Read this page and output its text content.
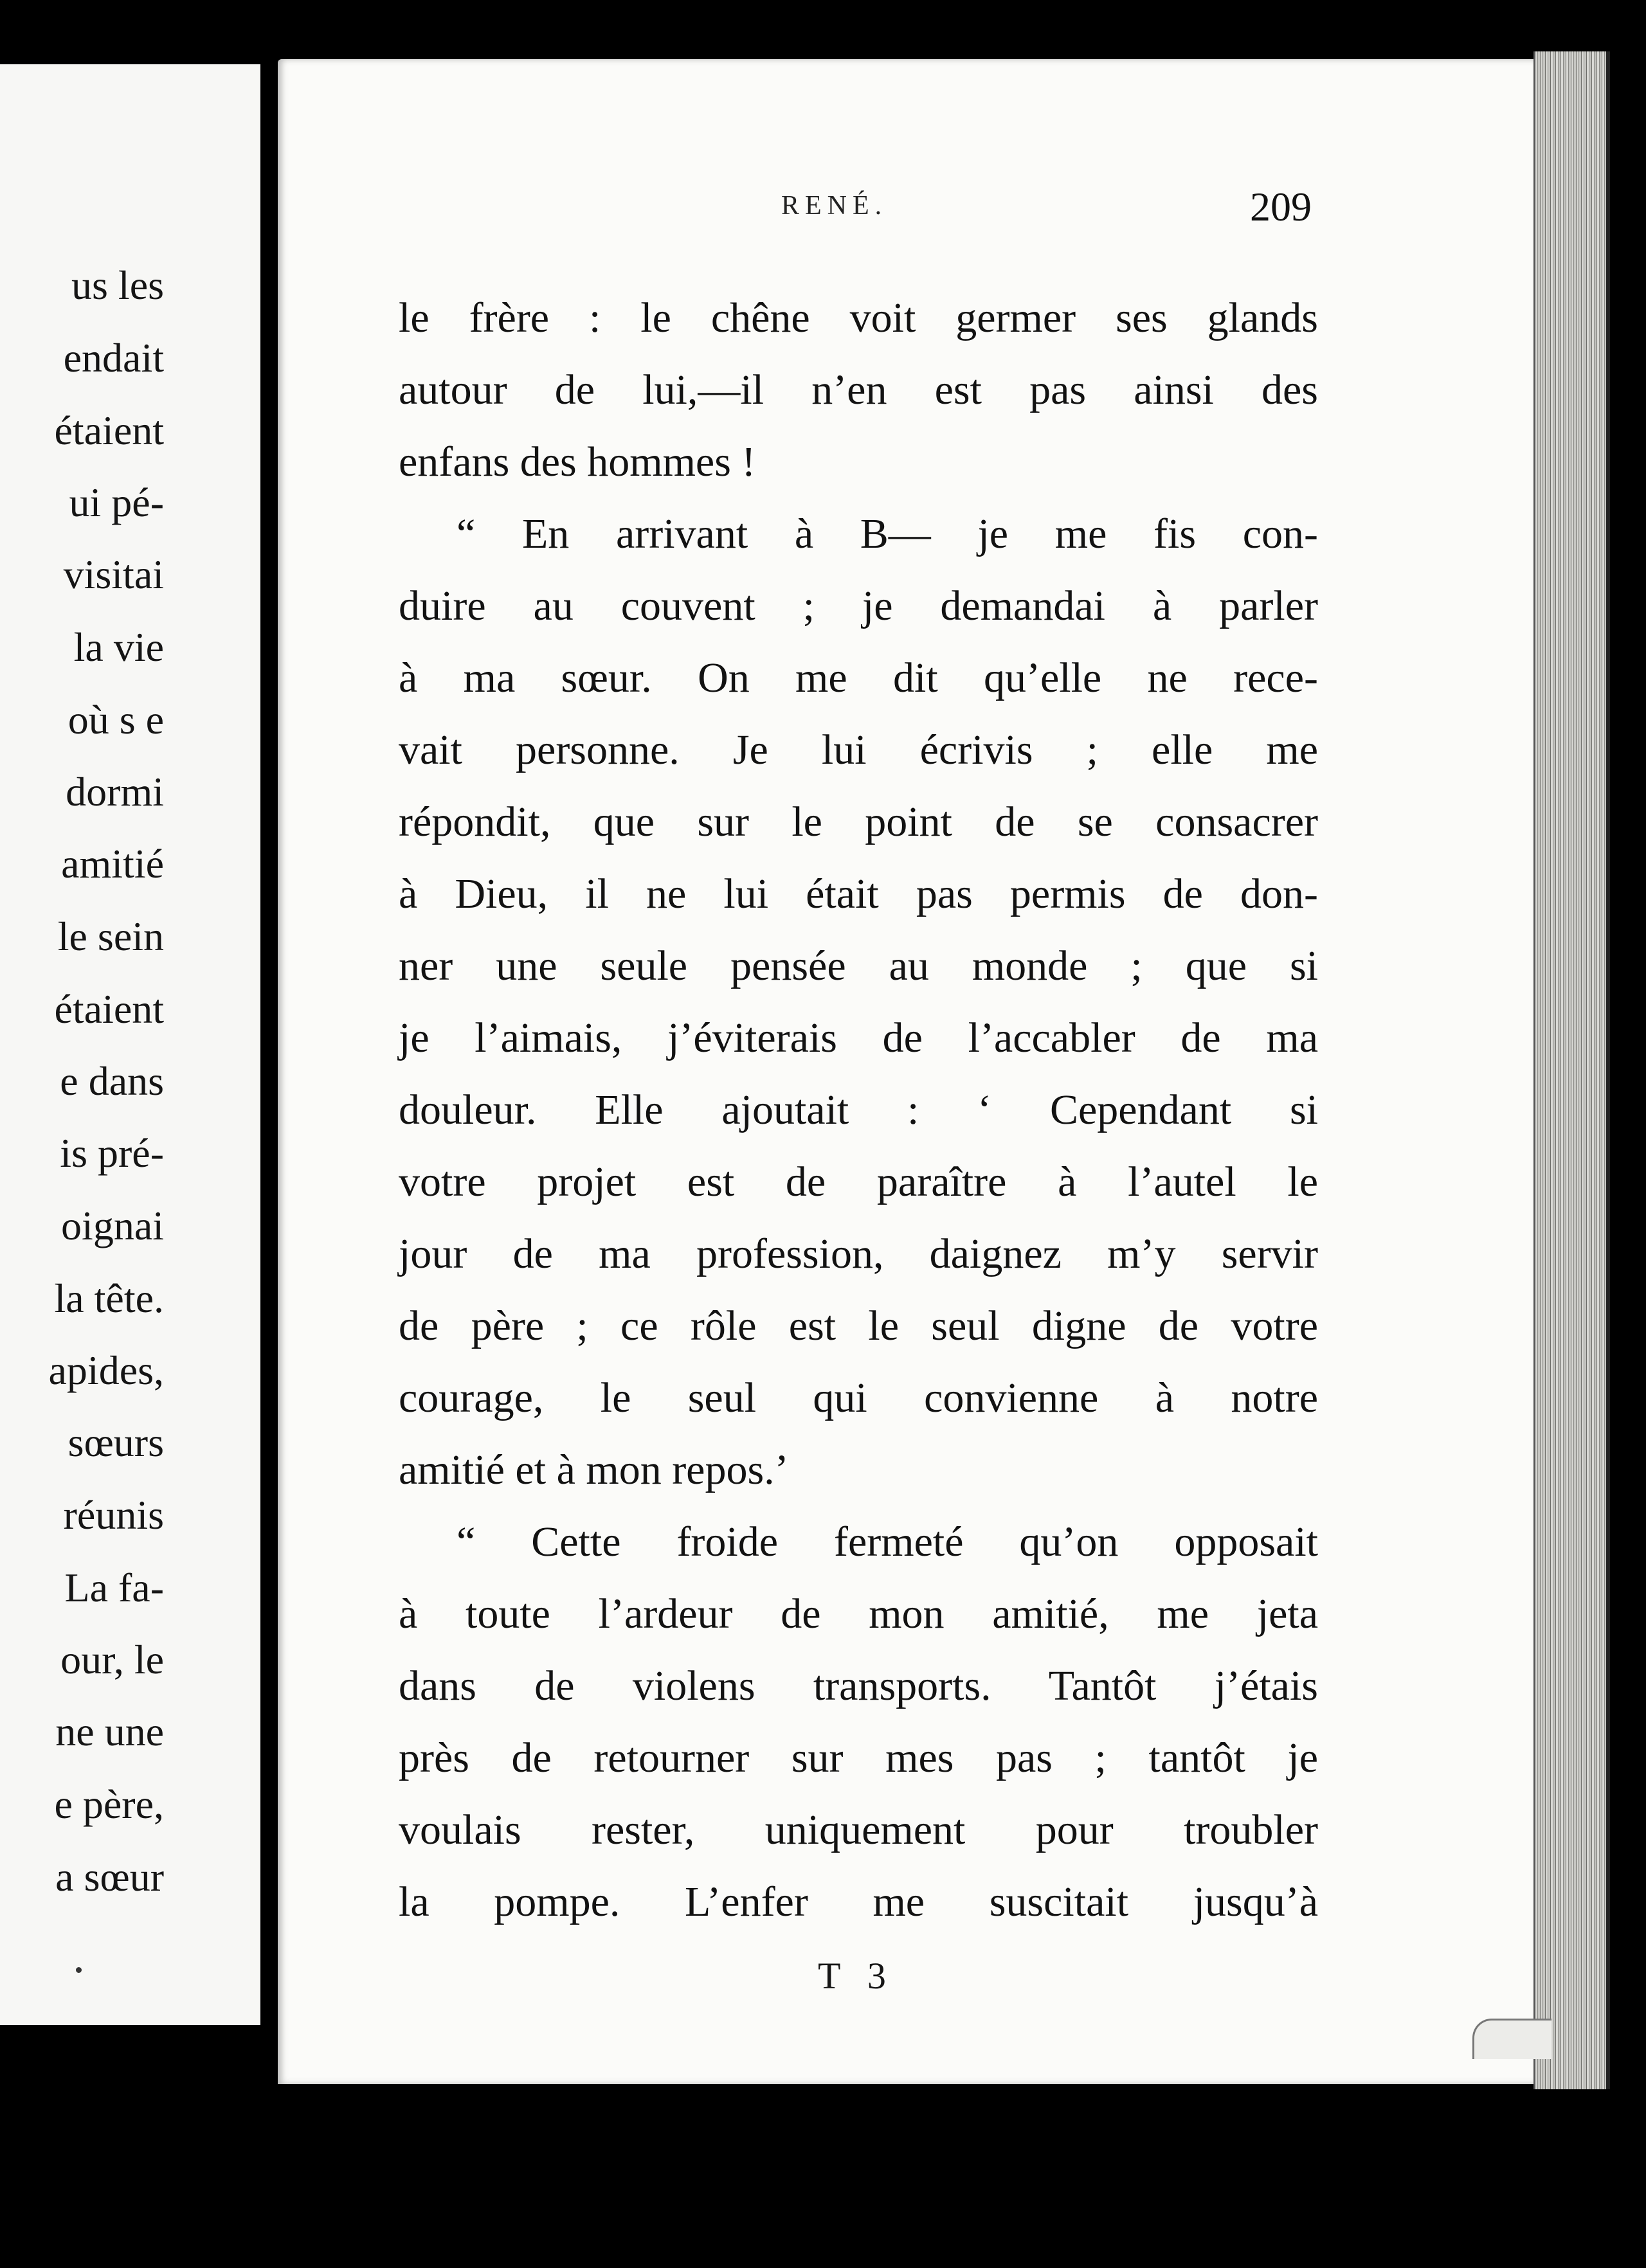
us les
endait
étaient
ui pé-
visitai
la vie
où s e
dormi
amitié
le sein
étaient
e dans
is pré-
oignai
la tête.
apides,
sœurs
réunis
La fa-
our, le
ne une
e père,
a sœur
RENÉ.	209
le frère : le chêne voit germer ses glands
autour de lui,—il n’en est pas ainsi des
enfans des hommes !
“ En arrivant à B— je me fis con-
duire au couvent ; je demandai à parler
à ma sœur. On me dit qu’elle ne rece-
vait personne. Je lui écrivis ; elle me
répondit, que sur le point de se consacrer
à Dieu, il ne lui était pas permis de don-
ner une seule pensée au monde ; que si
je l’aimais, j’éviterais de l’accabler de ma
douleur. Elle ajoutait : ‘ Cependant si
votre projet est de paraître à l’autel le
jour de ma profession, daignez m’y servir
de père ; ce rôle est le seul digne de votre
courage, le seul qui convienne à notre
amitié et à mon repos.’
“ Cette froide fermeté qu’on opposait
à toute l’ardeur de mon amitié, me jeta
dans de violens transports. Tantôt j’étais
près de retourner sur mes pas ; tantôt je
voulais rester, uniquement pour troubler
la pompe. L’enfer me suscitait jusqu’à
T 3
